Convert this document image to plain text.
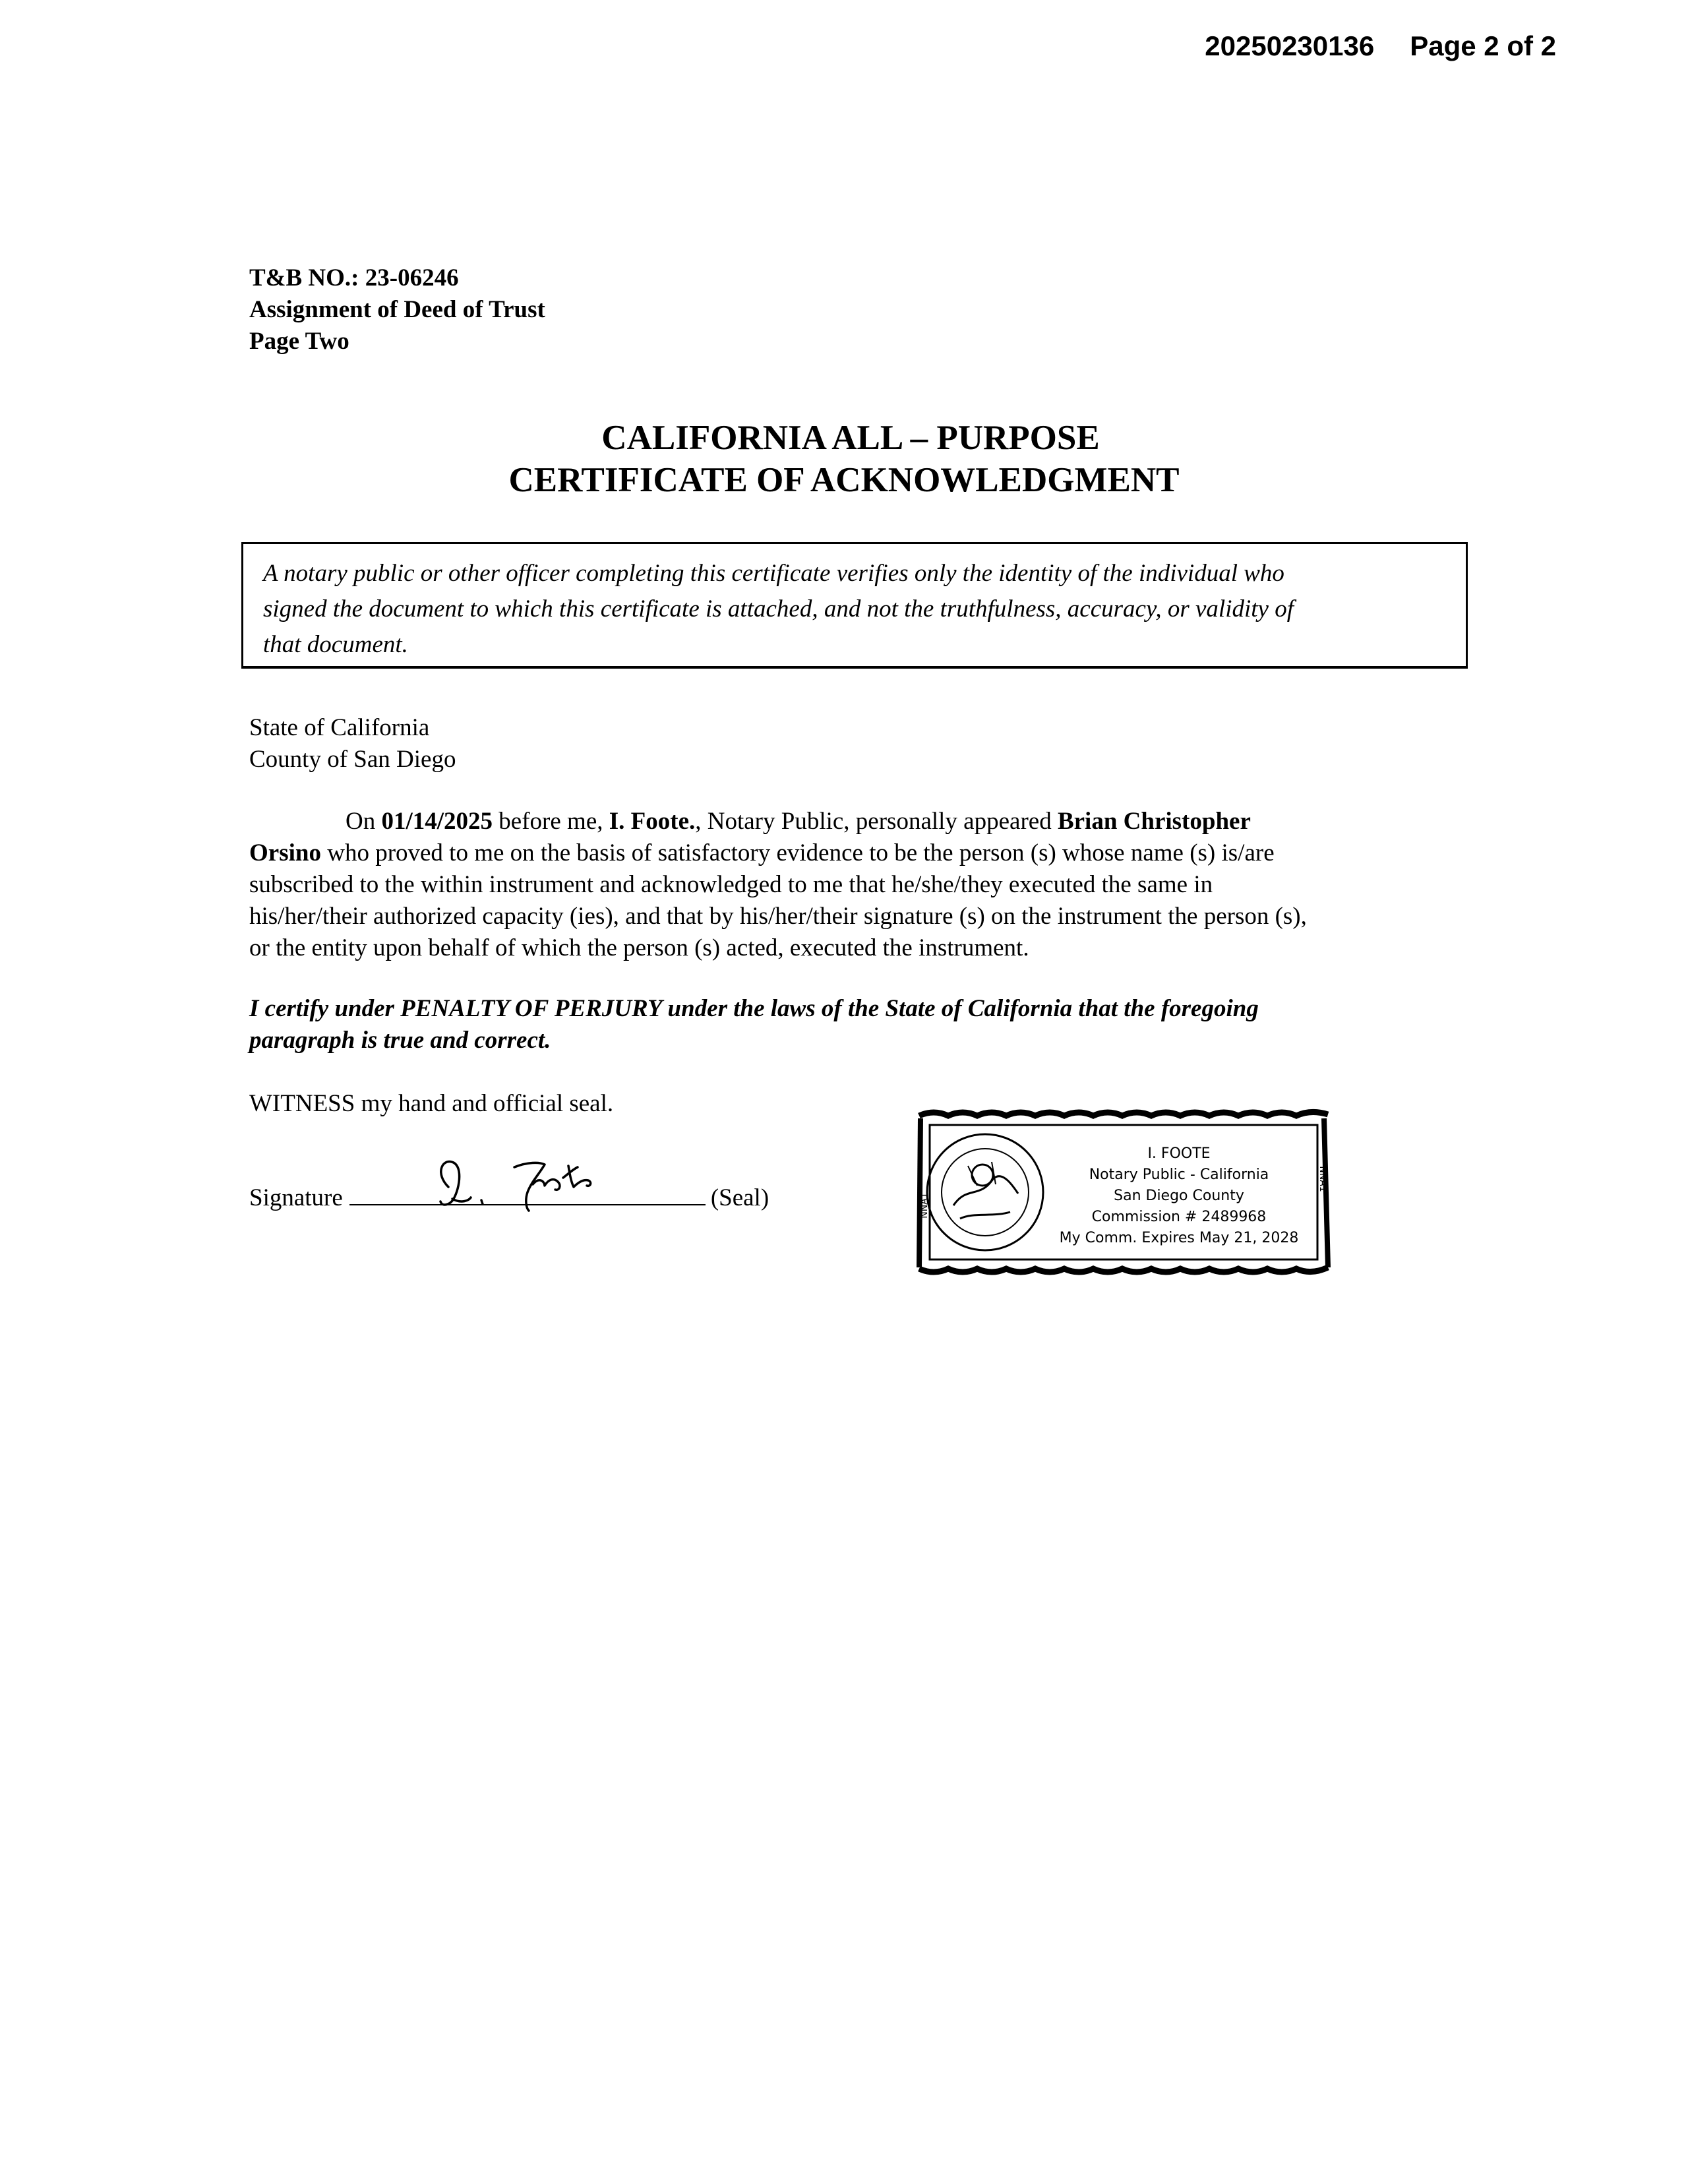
20250230136 Page 2 of 2
T&B NO.: 23-06246
Assignment of Deed of Trust
Page Two
CALIFORNIA ALL – PURPOSE
CERTIFICATE OF ACKNOWLEDGMENT
A notary public or other officer completing this certificate verifies only the identity of the individual who
signed the document to which this certificate is attached, and not the truthfulness, accuracy, or validity of
that document.
State of California
County of San Diego
On 01/14/2025 before me, I. Foote., Notary Public, personally appeared Brian Christopher
Orsino who proved to me on the basis of satisfactory evidence to be the person (s) whose name (s) is/are
subscribed to the within instrument and acknowledged to me that he/she/they executed the same in
his/her/their authorized capacity (ies), and that by his/her/their signature (s) on the instrument the person (s),
or the entity upon behalf of which the person (s) acted, executed the instrument.
I certify under PENALTY OF PERJURY under the laws of the State of California that the foregoing
paragraph is true and correct.
WITNESS my hand and official seal.
Signature	(Seal)
I. FOOTE
Notary Public - California
San Diego County
Commission # 2489968
My Comm. Expires May 21, 2028
NNA1
NNA1
